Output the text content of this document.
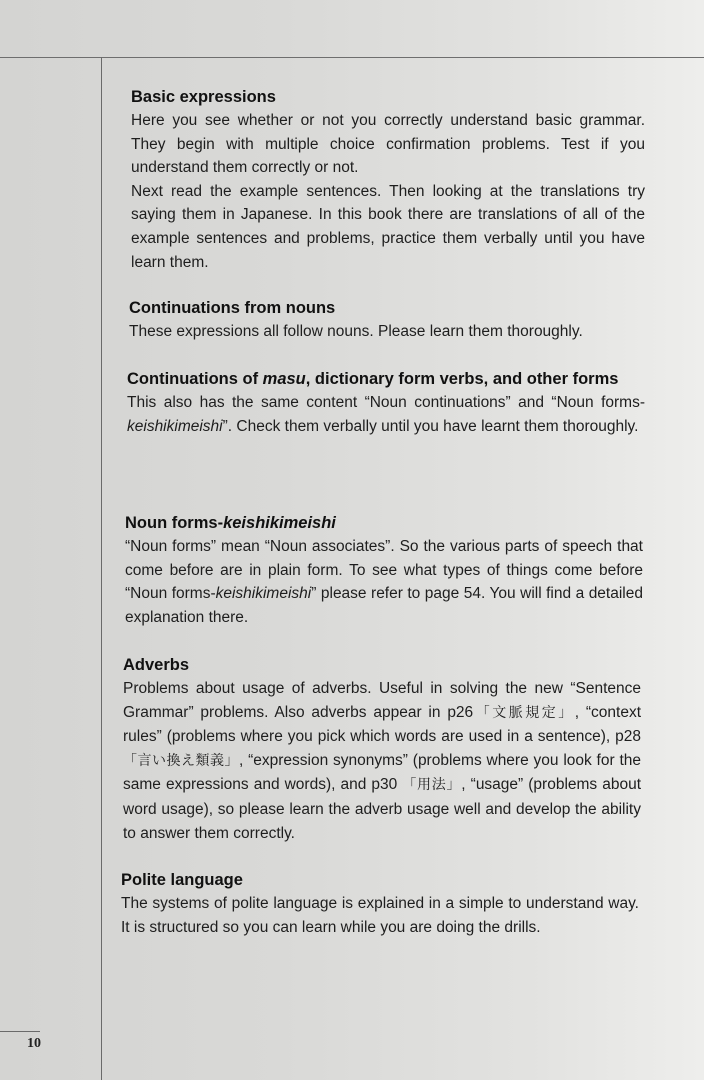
10
Basic expressions

Here you see whether or not you correctly understand basic grammar. They begin with multiple choice confirmation problems. Test if you understand them correctly or not.

Next read the example sentences. Then looking at the translations try saying them in Japanese. In this book there are translations of all of the example sentences and problems, practice them verbally until you have learn them.

Continuations from nouns

These expressions all follow nouns. Please learn them thoroughly.

Continuations of masu, dictionary form verbs, and other forms

This also has the same content “Noun continuations” and “Noun forms-keishikimeishi”. Check them verbally until you have learnt them thoroughly.

Noun forms-keishikimeishi

“Noun forms” mean “Noun associates”. So the various parts of speech that come before are in plain form. To see what types of things come before “Noun forms-keishikimeishi” please refer to page 54. You will find a detailed explanation there.

Adverbs

Problems about usage of adverbs. Useful in solving the new “Sentence Grammar” problems. Also adverbs appear in p26「文脈規定」, “context rules” (problems where you pick which words are used in a sentence), p28 「言い換え類義」, “expression synonyms” (problems where you look for the same expressions and words), and p30 「用法」, “usage” (problems about word usage), so please learn the adverb usage well and develop the ability to answer them correctly.

Polite language

The systems of polite language is explained in a simple to understand way. It is structured so you can learn while you are doing the drills.
